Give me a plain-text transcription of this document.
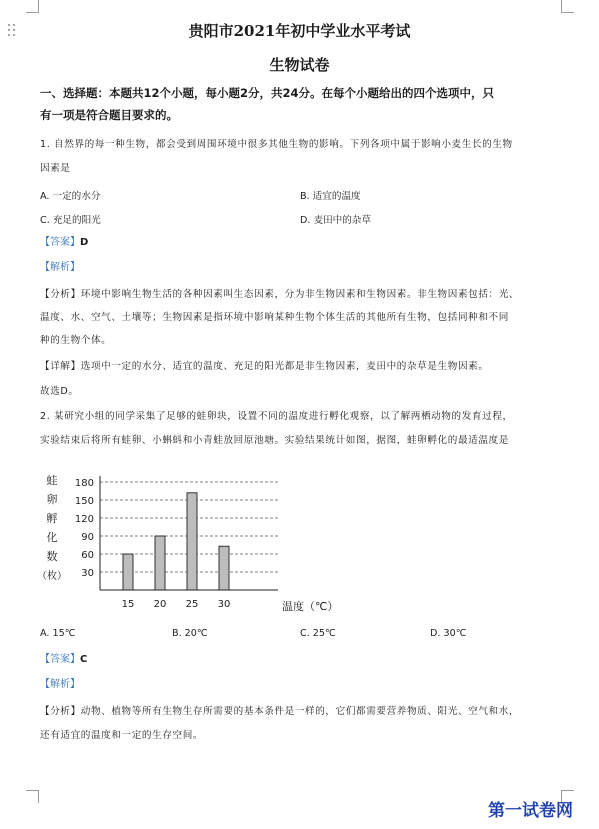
贵阳市2021年初中学业水平考试
生物试卷
一、选择题：本题共12个小题，每小题2分，共24分。在每个小题给出的四个选项中，只
有一项是符合题目要求的。
1. 自然界的每一种生物，都会受到周围环境中很多其他生物的影响。下列各项中属于影响小麦生长的生物
因素是
A. 一定的水分	B. 适宜的温度
C. 充足的阳光	D. 麦田中的杂草
【答案】D
【解析】
【分析】环境中影响生物生活的各种因素叫生态因素，分为非生物因素和生物因素。非生物因素包括：光、
温度、水、空气、土壤等；生物因素是指环境中影响某种生物个体生活的其他所有生物，包括同种和不同
种的生物个体。
【详解】选项中一定的水分、适宜的温度、充足的阳光都是非生物因素，麦田中的杂草是生物因素。
故选D。
2. 某研究小组的同学采集了足够的蛙卵块，设置不同的温度进行孵化观察，以了解两栖动物的发育过程，
实验结束后将所有蛙卵、小蝌蚪和小青蛙放回原池塘。实验结果统计如图，据图，蛙卵孵化的最适温度是
蛙
卵
孵
化
数
（枚） 30
60
90
120
150
180
15 20 25 30	温度（℃）
A. 15℃	B. 20℃	C. 25℃	D. 30℃
【答案】C
【解析】
【分析】动物、植物等所有生物生存所需要的基本条件是一样的，它们都需要营养物质、阳光、空气和水，
还有适宜的温度和一定的生存空间。
第一试卷网
